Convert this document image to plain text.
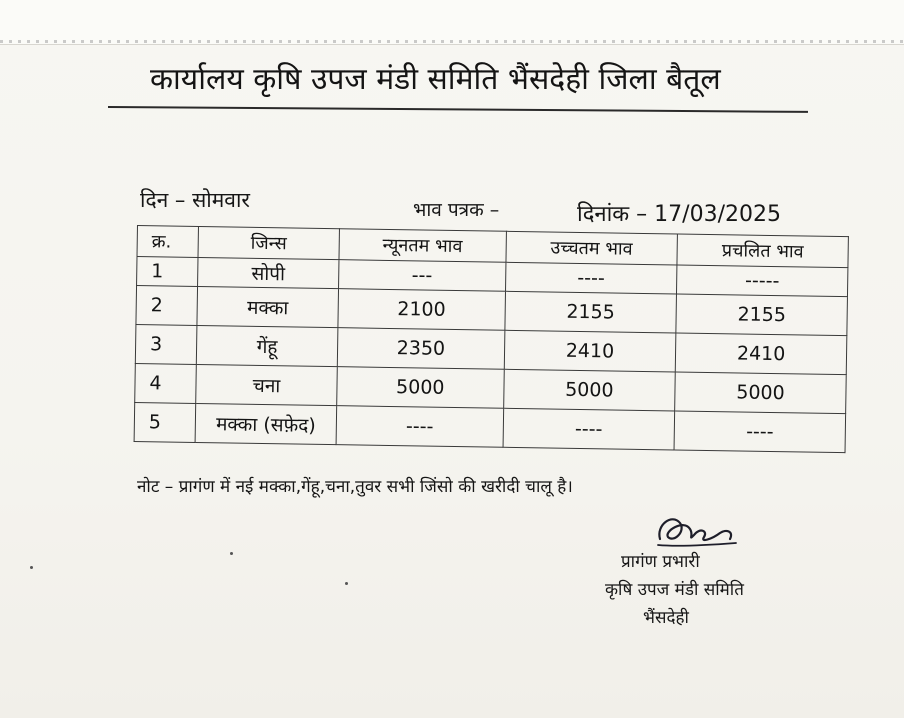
कार्यालय कृषि उपज मंडी समिति भैंसदेही जिला बैतूल
दिन – सोमवार	भाव पत्रक –	दिनांक – 17/03/2025
क्र.	जिन्स	न्यूनतम भाव	उच्चतम भाव	प्रचलित भाव
1	सोपी	---	----	-----
2	मक्का	2100	2155	2155
3	गेंहू	2350	2410	2410
4	चना	5000	5000	5000
5	मक्का (सफ़ेद)	----	----	----
नोट – प्रागंण में नई मक्का,गेंहू,चना,तुवर सभी जिंसो की खरीदी चालू है।
प्रागंण प्रभारी
कृषि उपज मंडी समिति
भैंसदेही
